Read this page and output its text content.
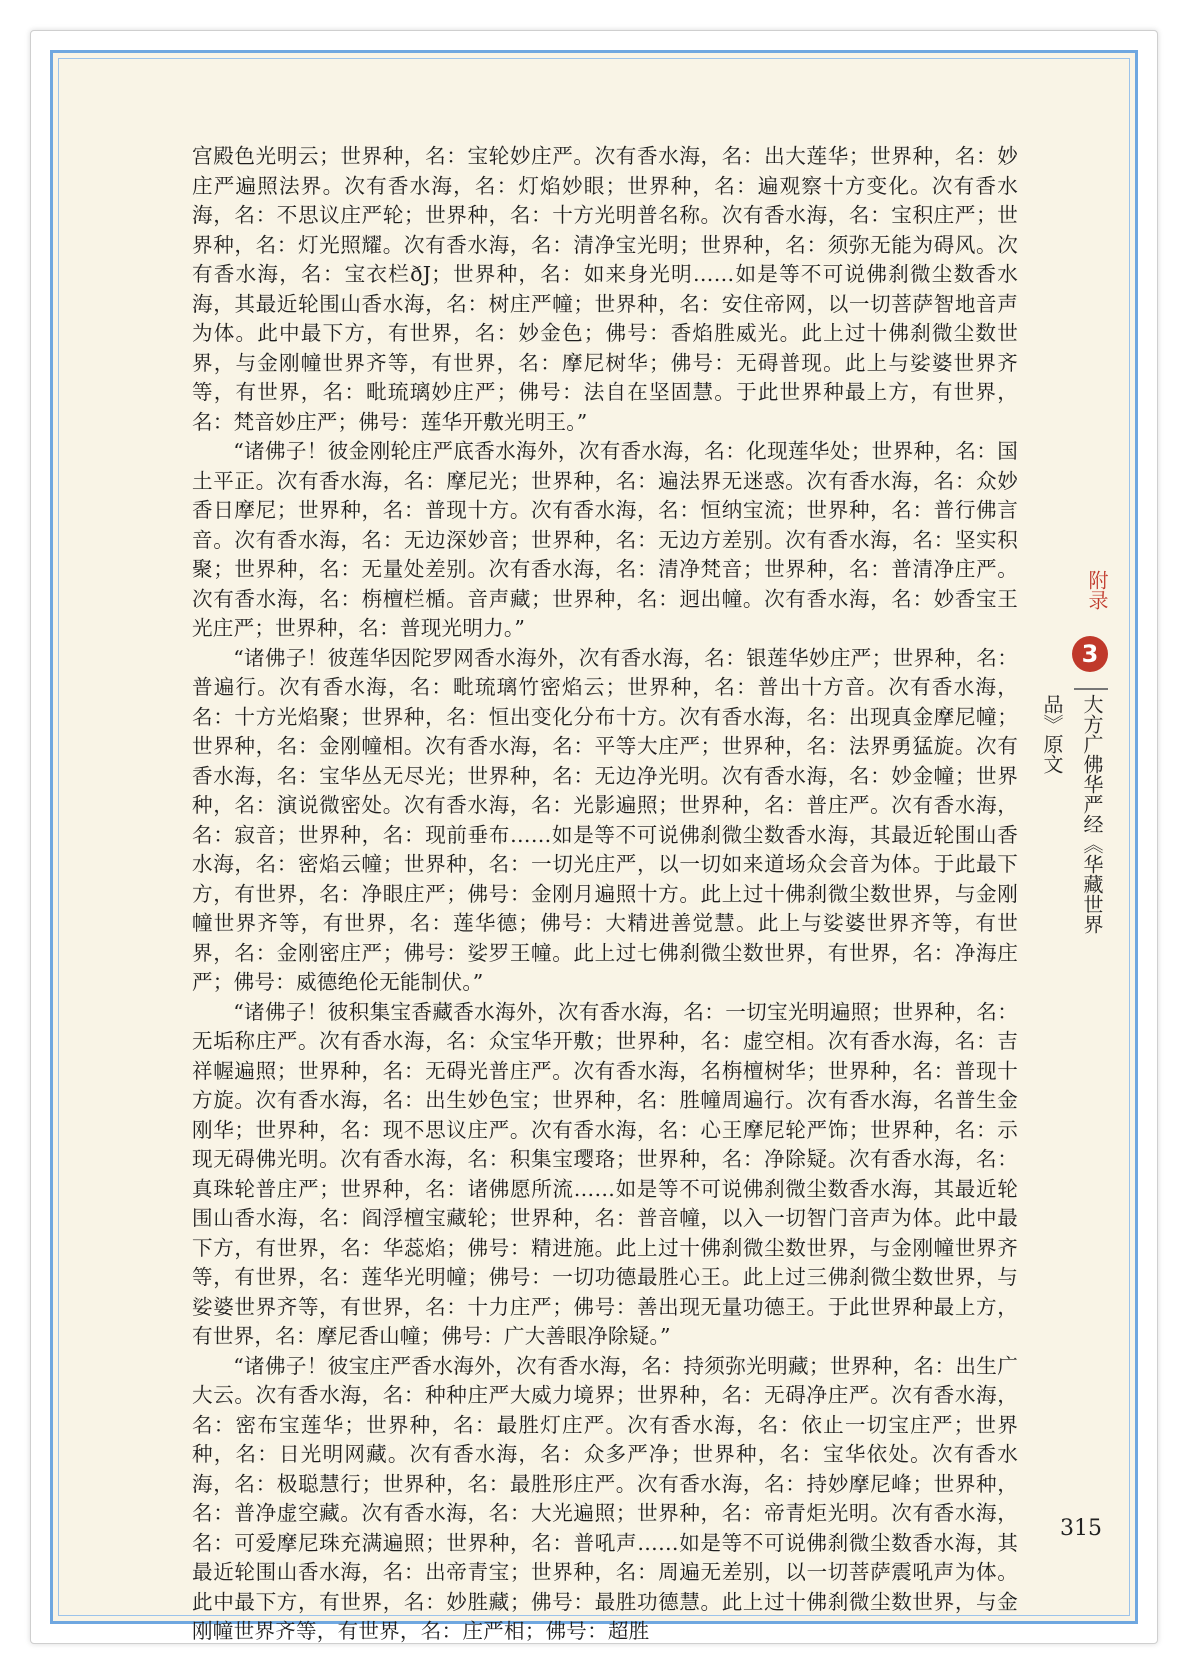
宫殿色光明云；世界种，名：宝轮妙庄严。次有香水海，名：出大莲华；世界种，名：妙庄严遍照法界。次有香水海，名：灯焰妙眼；世界种，名：遍观察十方变化。次有香水海，名：不思议庄严轮；世界种，名：十方光明普名称。次有香水海，名：宝积庄严；世界种，名：灯光照耀。次有香水海，名：清净宝光明；世界种，名：须弥无能为碍风。次有香水海，名：宝衣栏ðJ；世界种，名：如来身光明……如是等不可说佛刹微尘数香水海，其最近轮围山香水海，名：树庄严幢；世界种，名：安住帝网，以一切菩萨智地音声为体。此中最下方，有世界，名：妙金色；佛号：香焰胜威光。此上过十佛刹微尘数世界，与金刚幢世界齐等，有世界，名：摩尼树华；佛号：无碍普现。此上与娑婆世界齐等，有世界，名：毗琉璃妙庄严；佛号：法自在坚固慧。于此世界种最上方，有世界，名：梵音妙庄严；佛号：莲华开敷光明王。”

“诸佛子！彼金刚轮庄严底香水海外，次有香水海，名：化现莲华处；世界种，名：国土平正。次有香水海，名：摩尼光；世界种，名：遍法界无迷惑。次有香水海，名：众妙香日摩尼；世界种，名：普现十方。次有香水海，名：恒纳宝流；世界种，名：普行佛言音。次有香水海，名：无边深妙音；世界种，名：无边方差别。次有香水海，名：坚实积聚；世界种，名：无量处差别。次有香水海，名：清净梵音；世界种，名：普清净庄严。次有香水海，名：栴檀栏楯。音声藏；世界种，名：迥出幢。次有香水海，名：妙香宝王光庄严；世界种，名：普现光明力。”

“诸佛子！彼莲华因陀罗网香水海外，次有香水海，名：银莲华妙庄严；世界种，名：普遍行。次有香水海，名：毗琉璃竹密焰云；世界种，名：普出十方音。次有香水海，名：十方光焰聚；世界种，名：恒出变化分布十方。次有香水海，名：出现真金摩尼幢；世界种，名：金刚幢相。次有香水海，名：平等大庄严；世界种，名：法界勇猛旋。次有香水海，名：宝华丛无尽光；世界种，名：无边净光明。次有香水海，名：妙金幢；世界种，名：演说微密处。次有香水海，名：光影遍照；世界种，名：普庄严。次有香水海，名：寂音；世界种，名：现前垂布……如是等不可说佛刹微尘数香水海，其最近轮围山香水海，名：密焰云幢；世界种，名：一切光庄严，以一切如来道场众会音为体。于此最下方，有世界，名：净眼庄严；佛号：金刚月遍照十方。此上过十佛刹微尘数世界，与金刚幢世界齐等，有世界，名：莲华德；佛号：大精进善觉慧。此上与娑婆世界齐等，有世界，名：金刚密庄严；佛号：娑罗王幢。此上过七佛刹微尘数世界，有世界，名：净海庄严；佛号：威德绝伦无能制伏。”

“诸佛子！彼积集宝香藏香水海外，次有香水海，名：一切宝光明遍照；世界种，名：无垢称庄严。次有香水海，名：众宝华开敷；世界种，名：虚空相。次有香水海，名：吉祥幄遍照；世界种，名：无碍光普庄严。次有香水海，名栴檀树华；世界种，名：普现十方旋。次有香水海，名：出生妙色宝；世界种，名：胜幢周遍行。次有香水海，名普生金刚华；世界种，名：现不思议庄严。次有香水海，名：心王摩尼轮严饰；世界种，名：示现无碍佛光明。次有香水海，名：积集宝璎珞；世界种，名：净除疑。次有香水海，名：真珠轮普庄严；世界种，名：诸佛愿所流……如是等不可说佛刹微尘数香水海，其最近轮围山香水海，名：阎浮檀宝藏轮；世界种，名：普音幢，以入一切智门音声为体。此中最下方，有世界，名：华蕊焰；佛号：精进施。此上过十佛刹微尘数世界，与金刚幢世界齐等，有世界，名：莲华光明幢；佛号：一切功德最胜心王。此上过三佛刹微尘数世界，与娑婆世界齐等，有世界，名：十力庄严；佛号：善出现无量功德王。于此世界种最上方，有世界，名：摩尼香山幢；佛号：广大善眼净除疑。”

“诸佛子！彼宝庄严香水海外，次有香水海，名：持须弥光明藏；世界种，名：出生广大云。次有香水海，名：种种庄严大威力境界；世界种，名：无碍净庄严。次有香水海，名：密布宝莲华；世界种，名：最胜灯庄严。次有香水海，名：依止一切宝庄严；世界种，名：日光明网藏。次有香水海，名：众多严净；世界种，名：宝华依处。次有香水海，名：极聪慧行；世界种，名：最胜形庄严。次有香水海，名：持妙摩尼峰；世界种，名：普净虚空藏。次有香水海，名：大光遍照；世界种，名：帝青炬光明。次有香水海，名：可爱摩尼珠充满遍照；世界种，名：普吼声……如是等不可说佛刹微尘数香水海，其最近轮围山香水海，名：出帝青宝；世界种，名：周遍无差别，以一切菩萨震吼声为体。此中最下方，有世界，名：妙胜藏；佛号：最胜功德慧。此上过十佛刹微尘数世界，与金刚幢世界齐等，有世界，名：庄严相；佛号：超胜

附录
3
大方广佛华严经《华藏世界品》原文
315
